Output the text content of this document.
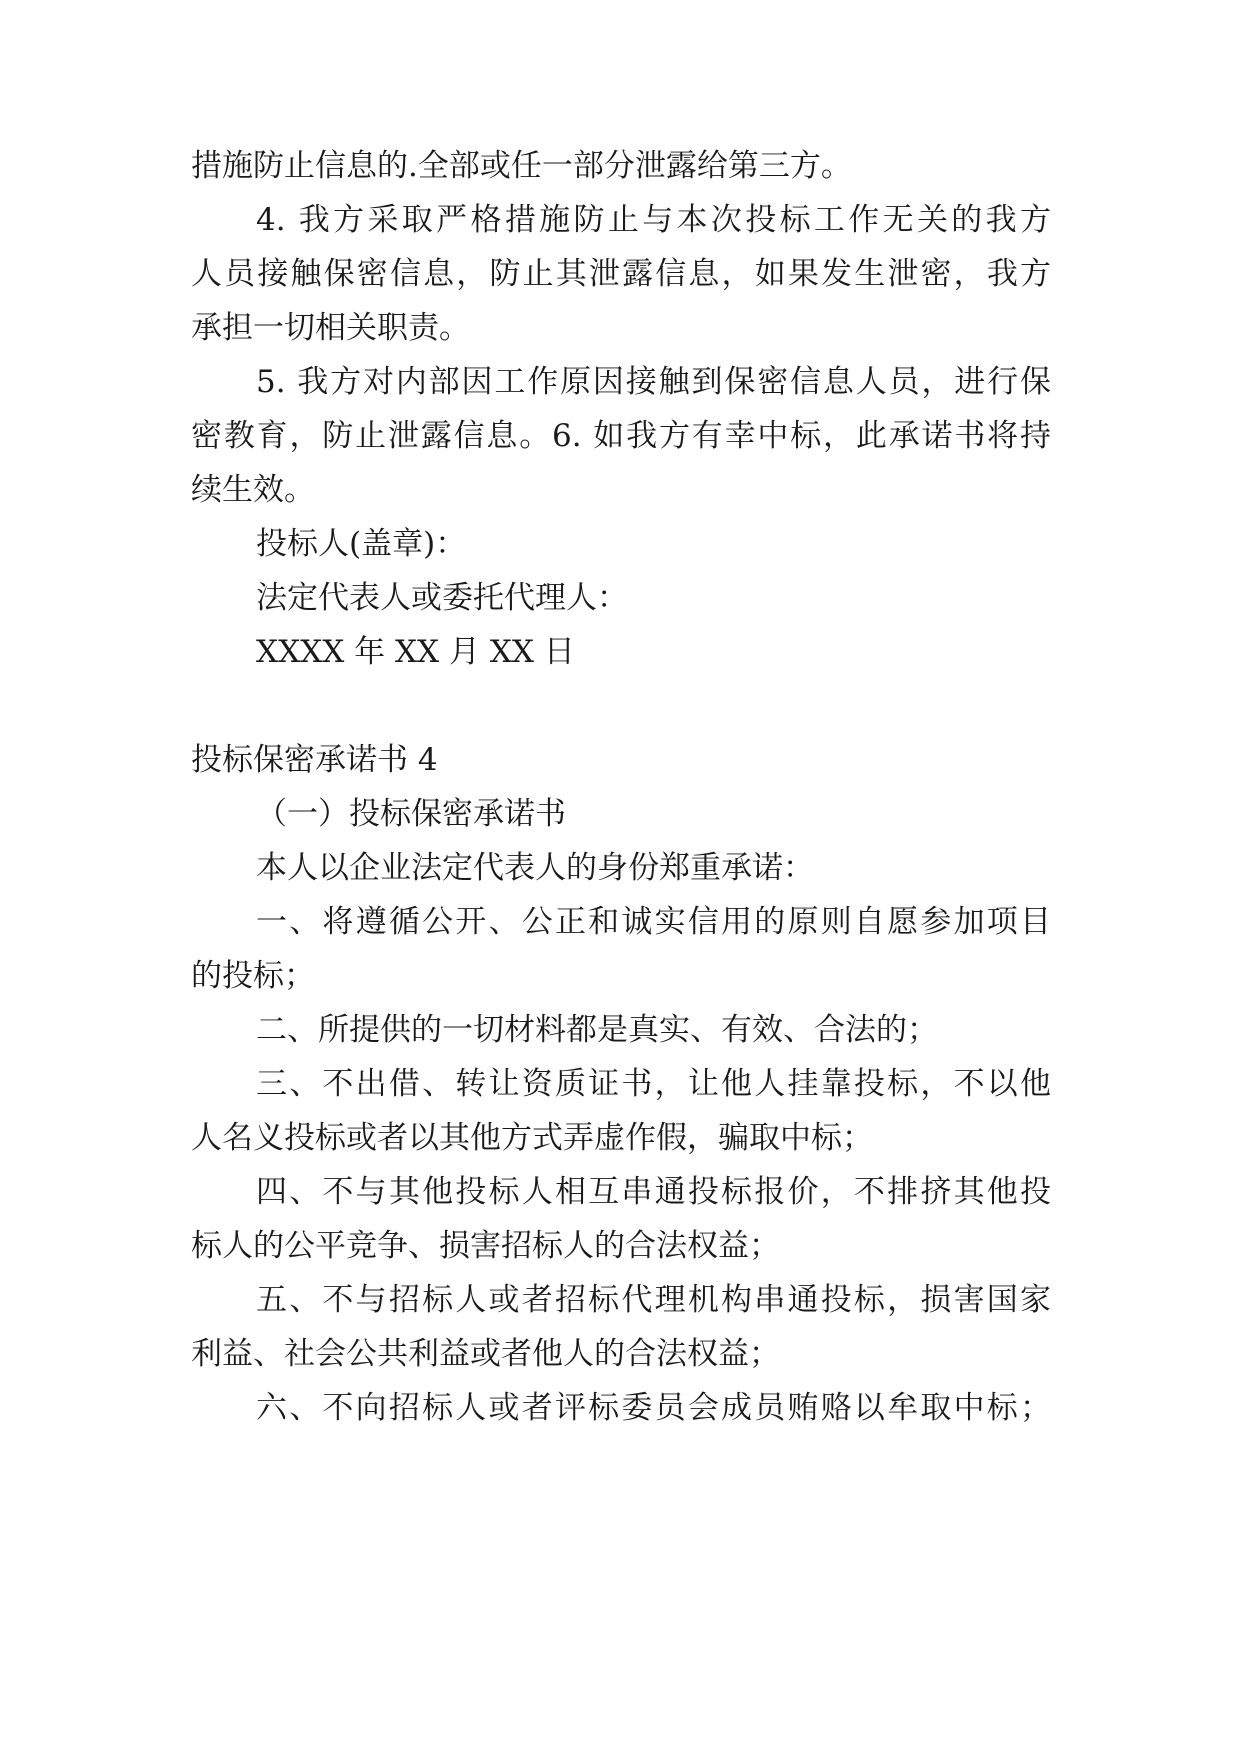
措施防止信息的.全部或任一部分泄露给第三方。
4. 我方采取严格措施防止与本次投标工作无关的我方
人员接触保密信息，防止其泄露信息，如果发生泄密，我方
承担一切相关职责。
5. 我方对内部因工作原因接触到保密信息人员，进行保
密教育，防止泄露信息。6. 如我方有幸中标，此承诺书将持
续生效。
投标人(盖章)：
法定代表人或委托代理人：
XXXX 年 XX 月 XX 日
投标保密承诺书 4
（一）投标保密承诺书
本人以企业法定代表人的身份郑重承诺：
一、将遵循公开、公正和诚实信用的原则自愿参加项目
的投标；
二、所提供的一切材料都是真实、有效、合法的；
三、不出借、转让资质证书，让他人挂靠投标，不以他
人名义投标或者以其他方式弄虚作假，骗取中标；
四、不与其他投标人相互串通投标报价，不排挤其他投
标人的公平竞争、损害招标人的合法权益；
五、不与招标人或者招标代理机构串通投标，损害国家
利益、社会公共利益或者他人的合法权益；
六、不向招标人或者评标委员会成员贿赂以牟取中标；
